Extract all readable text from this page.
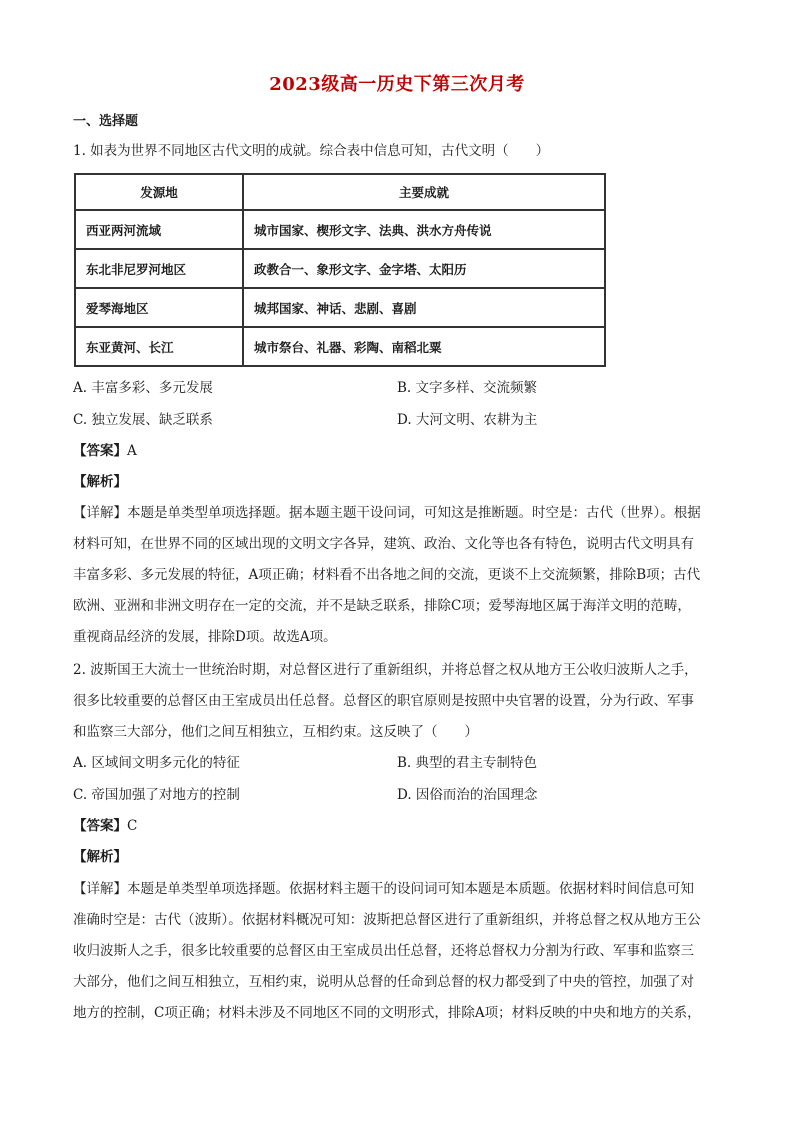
2023级高一历史下第三次月考
一、选择题
1. 如表为世界不同地区古代文明的成就。综合表中信息可知，古代文明（　　）
发源地	主要成就
西亚两河流域	城市国家、楔形文字、法典、洪水方舟传说
东北非尼罗河地区	政教合一、象形文字、金字塔、太阳历
爱琴海地区	城邦国家、神话、悲剧、喜剧
东亚黄河、长江	城市祭台、礼器、彩陶、南稻北粟
A. 丰富多彩、多元发展	B. 文字多样、交流频繁
C. 独立发展、缺乏联系	D. 大河文明、农耕为主
【答案】A
【解析】
【详解】本题是单类型单项选择题。据本题主题干设问词，可知这是推断题。时空是：古代（世界）。根据
材料可知，在世界不同的区域出现的文明文字各异，建筑、政治、文化等也各有特色，说明古代文明具有
丰富多彩、多元发展的特征，A项正确；材料看不出各地之间的交流，更谈不上交流频繁，排除B项；古代
欧洲、亚洲和非洲文明存在一定的交流，并不是缺乏联系，排除C项；爱琴海地区属于海洋文明的范畴，
重视商品经济的发展，排除D项。故选A项。
2. 波斯国王大流士一世统治时期，对总督区进行了重新组织，并将总督之权从地方王公收归波斯人之手，
很多比较重要的总督区由王室成员出任总督。总督区的职官原则是按照中央官署的设置，分为行政、军事
和监察三大部分，他们之间互相独立，互相约束。这反映了（　　）
A. 区域间文明多元化的特征	B. 典型的君主专制特色
C. 帝国加强了对地方的控制	D. 因俗而治的治国理念
【答案】C
【解析】
【详解】本题是单类型单项选择题。依据材料主题干的设问词可知本题是本质题。依据材料时间信息可知
准确时空是：古代（波斯）。依据材料概况可知：波斯把总督区进行了重新组织，并将总督之权从地方王公
收归波斯人之手，很多比较重要的总督区由王室成员出任总督，还将总督权力分割为行政、军事和监察三
大部分，他们之间互相独立，互相约束，说明从总督的任命到总督的权力都受到了中央的管控，加强了对
地方的控制，C项正确；材料未涉及不同地区不同的文明形式，排除A项；材料反映的中央和地方的关系，
